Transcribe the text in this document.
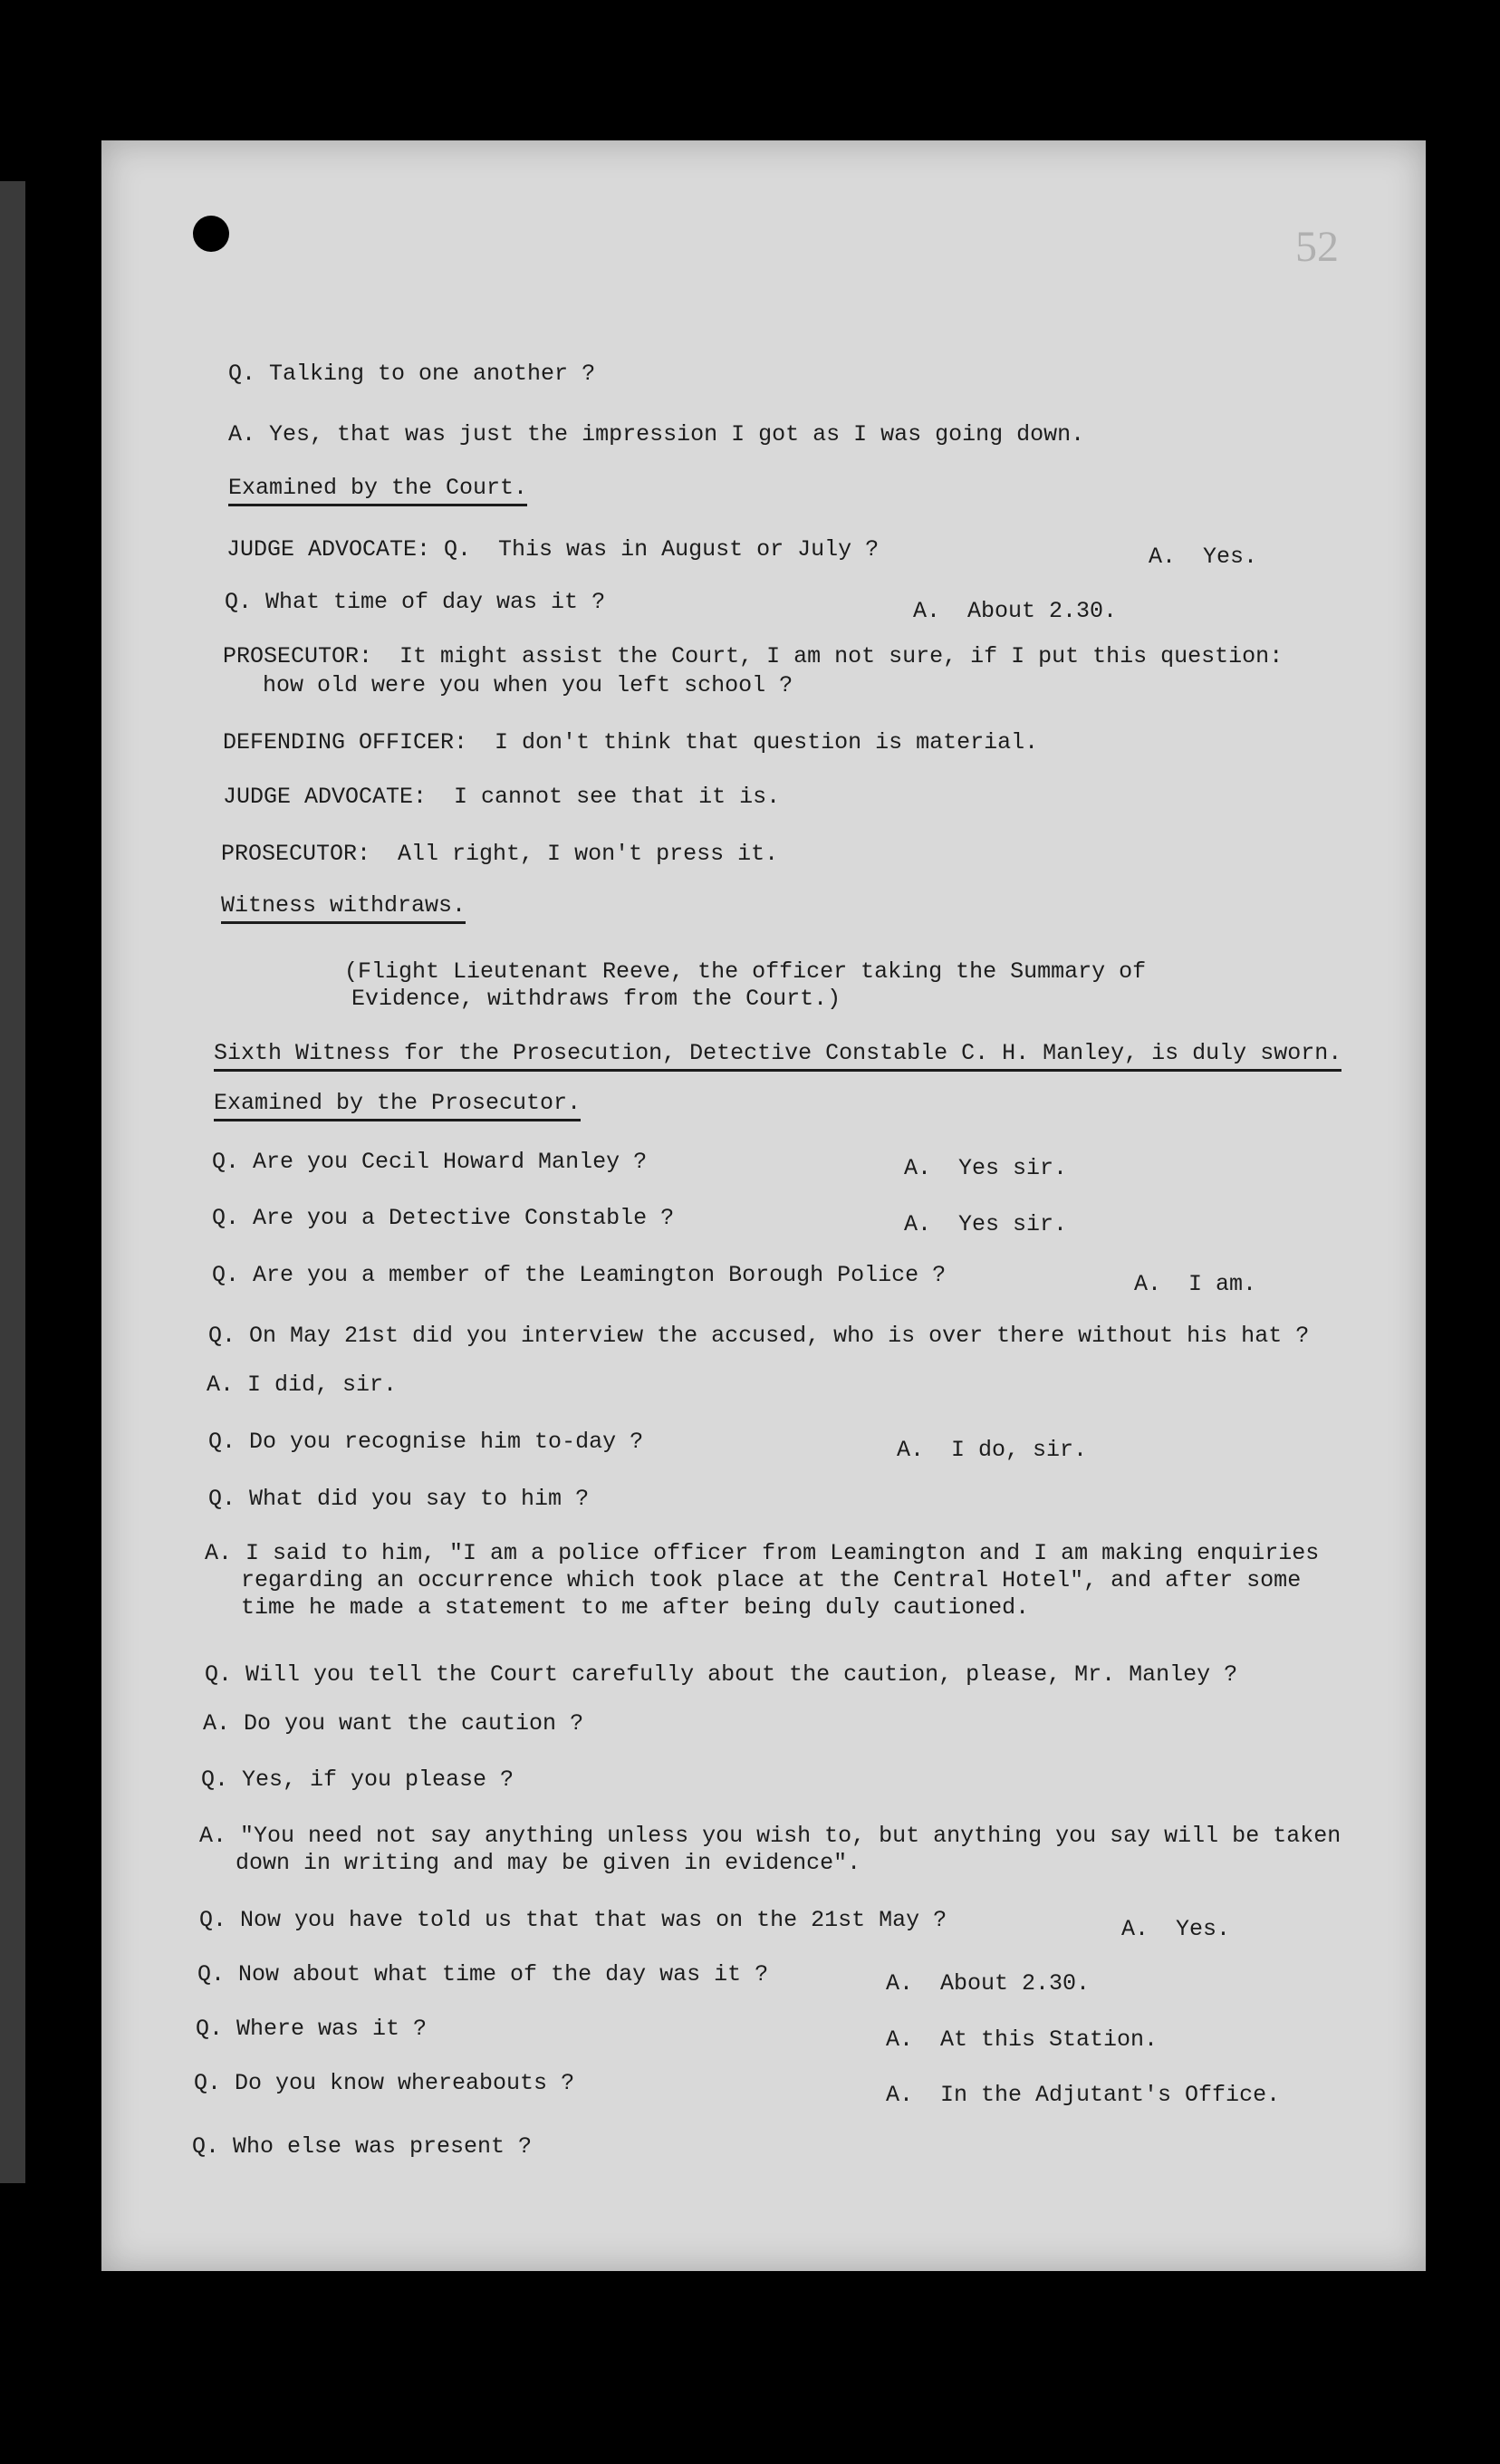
52
Q. Talking to one another ?
A. Yes, that was just the impression I got as I was going down.
Examined by the Court.
JUDGE ADVOCATE: Q.  This was in August or July ?	A.  Yes.
Q. What time of day was it ?	A.  About 2.30.
PROSECUTOR:  It might assist the Court, I am not sure, if I put this question:
how old were you when you left school ?
DEFENDING OFFICER:  I don't think that question is material.
JUDGE ADVOCATE:  I cannot see that it is.
PROSECUTOR:  All right, I won't press it.
Witness withdraws.
(Flight Lieutenant Reeve, the officer taking the Summary of
Evidence, withdraws from the Court.)
Sixth Witness for the Prosecution, Detective Constable C. H. Manley, is duly sworn.
Examined by the Prosecutor.
Q. Are you Cecil Howard Manley ?	A.  Yes sir.
Q. Are you a Detective Constable ?	A.  Yes sir.
Q. Are you a member of the Leamington Borough Police ?	A.  I am.
Q. On May 21st did you interview the accused, who is over there without his hat ?
A. I did, sir.
Q. Do you recognise him to-day ?	A.  I do, sir.
Q. What did you say to him ?
A. I said to him, "I am a police officer from Leamington and I am making enquiries
regarding an occurrence which took place at the Central Hotel", and after some
time he made a statement to me after being duly cautioned.
Q. Will you tell the Court carefully about the caution, please, Mr. Manley ?
A. Do you want the caution ?
Q. Yes, if you please ?
A. "You need not say anything unless you wish to, but anything you say will be taken
down in writing and may be given in evidence".
Q. Now you have told us that that was on the 21st May ?	A.  Yes.
Q. Now about what time of the day was it ?	A.  About 2.30.
Q. Where was it ?	A.  At this Station.
Q. Do you know whereabouts ?	A.  In the Adjutant's Office.
Q. Who else was present ?
